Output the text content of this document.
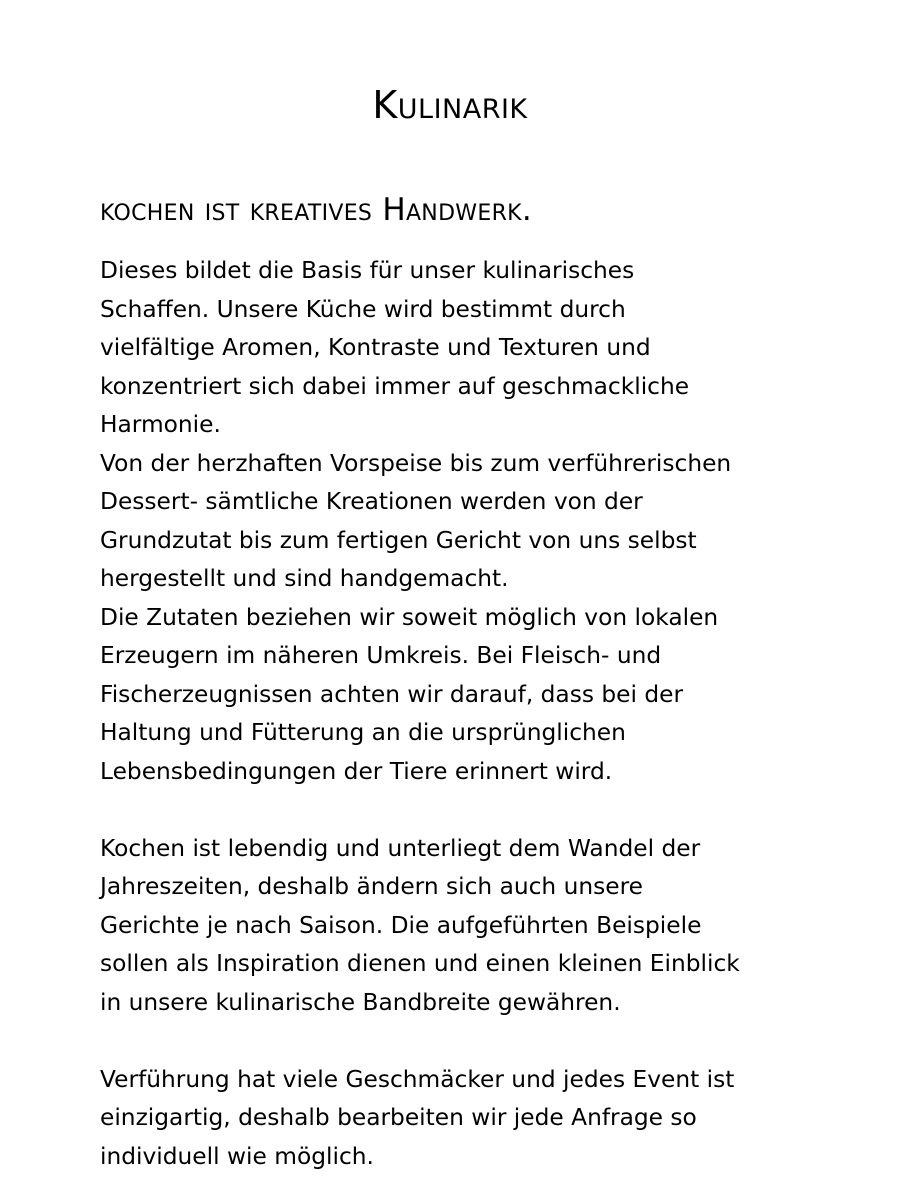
Kulinarik
kochen ist kreatives Handwerk.
Dieses bildet die Basis für unser kulinarisches
Schaffen. Unsere Küche wird bestimmt durch
vielfältige Aromen, Kontraste und Texturen und
konzentriert sich dabei immer auf geschmackliche
Harmonie.
Von der herzhaften Vorspeise bis zum verführerischen
Dessert- sämtliche Kreationen werden von der
Grundzutat bis zum fertigen Gericht von uns selbst
hergestellt und sind handgemacht.
Die Zutaten beziehen wir soweit möglich von lokalen
Erzeugern im näheren Umkreis. Bei Fleisch- und
Fischerzeugnissen achten wir darauf, dass bei der
Haltung und Fütterung an die ursprünglichen
Lebensbedingungen der Tiere erinnert wird.
Kochen ist lebendig und unterliegt dem Wandel der
Jahreszeiten, deshalb ändern sich auch unsere
Gerichte je nach Saison. Die aufgeführten Beispiele
sollen als Inspiration dienen und einen kleinen Einblick
in unsere kulinarische Bandbreite gewähren.
Verführung hat viele Geschmäcker und jedes Event ist
einzigartig, deshalb bearbeiten wir jede Anfrage so
individuell wie möglich.
